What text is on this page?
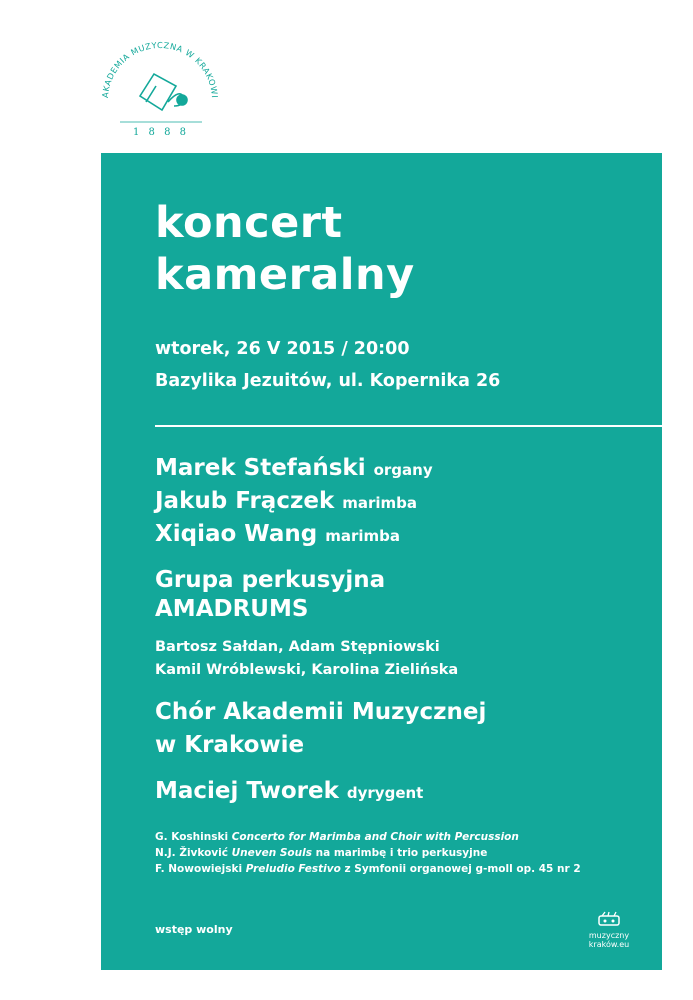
AKADEMIA MUZYCZNA W KRAKOWI
1 8 8 8
koncert
kameralny
wtorek, 26 V 2015 / 20:00
Bazylika Jezuitów, ul. Kopernika 26
Marek Stefański organy
Jakub Frączek marimba
Xiqiao Wang marimba
Grupa perkusyjna
AMADRUMS
Bartosz Sałdan, Adam Stępniowski
Kamil Wróblewski, Karolina Zielińska
Chór Akademii Muzycznej
w Krakowie
Maciej Tworek dyrygent
G. Koshinski Concerto for Marimba and Choir with Percussion
N.J. Živković Uneven Souls na marimbę i trio perkusyjne
F. Nowowiejski Preludio Festivo z Symfonii organowej g-moll op. 45 nr 2
wstęp wolny	muzyczny
kraków.eu
